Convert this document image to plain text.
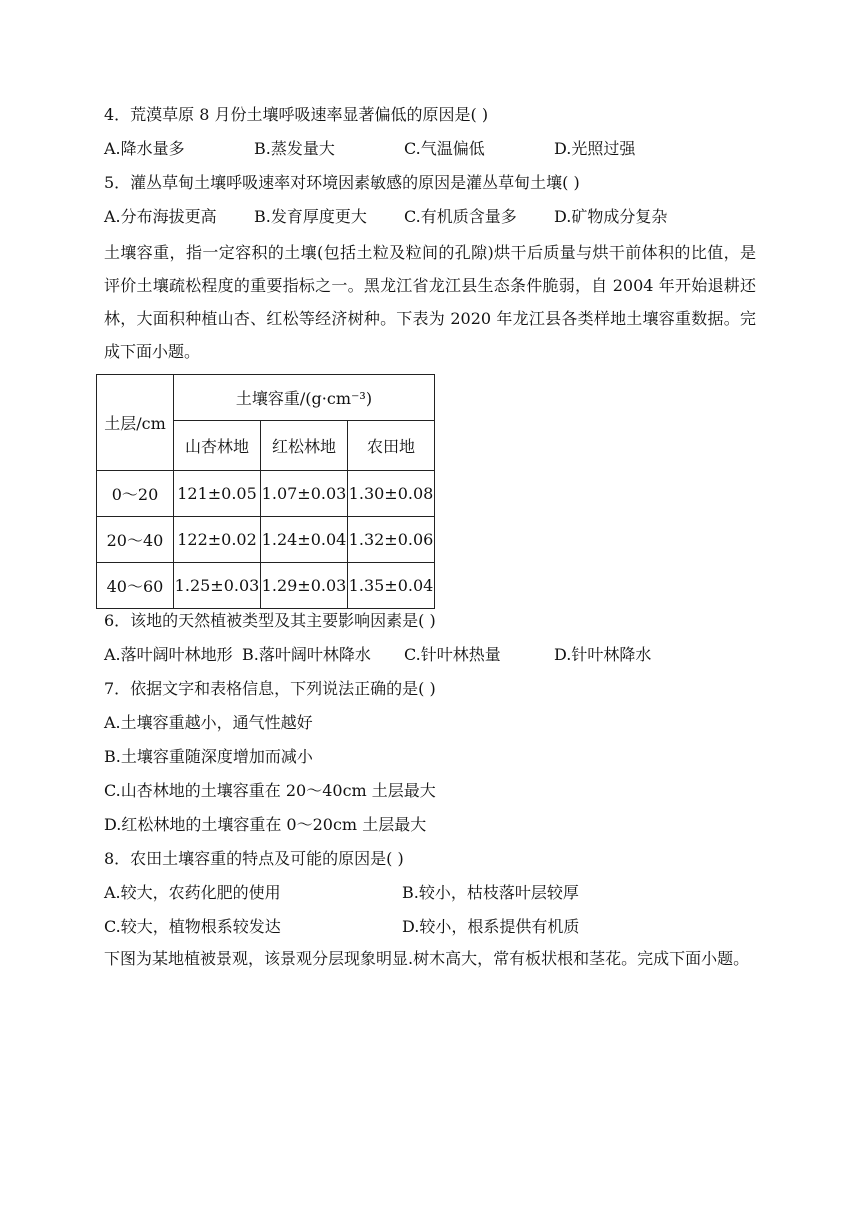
4．荒漠草原 8 月份土壤呼吸速率显著偏低的原因是( )
A.降水量多	B.蒸发量大	C.气温偏低	D.光照过强
5．灌丛草甸土壤呼吸速率对环境因素敏感的原因是灌丛草甸土壤( )
A.分布海拔更高 B.发育厚度更大 C.有机质含量多 D.矿物成分复杂
土壤容重，指一定容积的土壤(包括土粒及粒间的孔隙)烘干后质量与烘干前体积的比值，是评价土壤疏松程度的重要指标之一。黑龙江省龙江县生态条件脆弱，自 2004 年开始退耕还林，大面积种植山杏、红松等经济树种。下表为 2020 年龙江县各类样地土壤容重数据。完成下面小题。
土层/cm	土壤容重/(g·cm⁻³)		
	山杏林地	红松林地	农田地
0～20	121±0.05	1.07±0.03	1.30±0.08
20～40	122±0.02	1.24±0.04	1.32±0.06
40～60	1.25±0.03	1.29±0.03	1.35±0.04
6．该地的天然植被类型及其主要影响因素是( )
A.落叶阔叶林地形 B.落叶阔叶林降水 C.针叶林热量	D.针叶林降水
7．依据文字和表格信息，下列说法正确的是( )
A.土壤容重越小，通气性越好
B.土壤容重随深度增加而减小
C.山杏林地的土壤容重在 20～40cm 土层最大
D.红松林地的土壤容重在 0～20cm 土层最大
8．农田土壤容重的特点及可能的原因是( )
A.较大，农药化肥的使用	B.较小，枯枝落叶层较厚
C.较大，植物根系较发达	D.较小，根系提供有机质
下图为某地植被景观，该景观分层现象明显.树木高大，常有板状根和茎花。完成下面小题。
